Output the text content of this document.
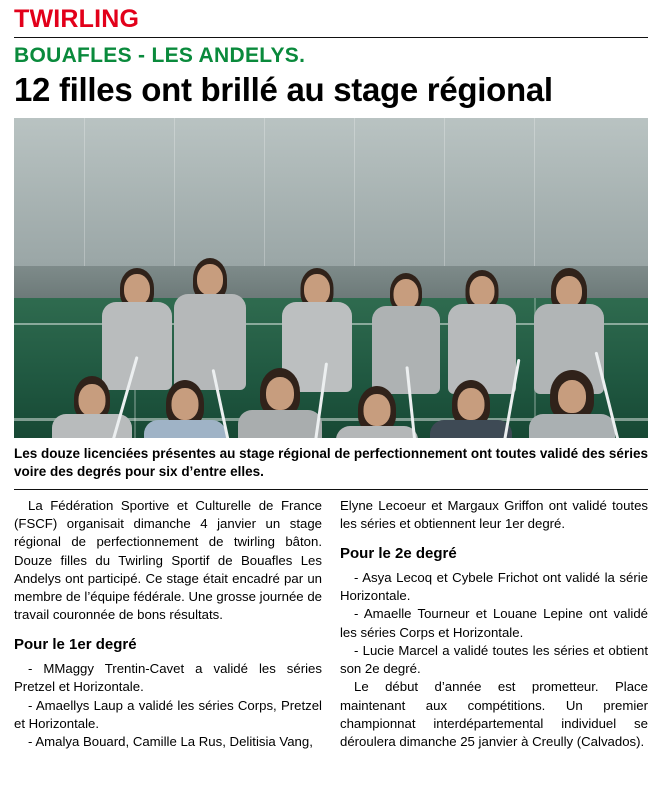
TWIRLING
BOUAFLES - LES ANDELYS.
12 filles ont brillé au stage régional
Les douze licenciées présentes au stage régional de perfectionnement ont toutes validé des séries voire des degrés pour six d’entre elles.

La Fédération Sportive et Culturelle de France (FSCF) organisait dimanche 4 janvier un stage régional de perfectionnement de twirling bâton. Douze filles du Twirling Sportif de Bouafles Les Andelys ont participé. Ce stage était encadré par un membre de l’équipe fédérale. Une grosse journée de travail couronnée de bons résultats.

Pour le 1er degré

- MMaggy Trentin-Cavet a validé les séries Pretzel et Horizontale.

- Amaellys Laup a validé les séries Corps, Pretzel et Horizontale.

- Amalya Bouard, Camille La Rus, Delitisia Vang,

Elyne Lecoeur et Margaux Griffon ont validé toutes les séries et obtiennent leur 1er degré.

Pour le 2e degré

- Asya Lecoq et Cybele Frichot ont validé la série Horizontale.

- Amaelle Tourneur et Louane Lepine ont validé les séries Corps et Horizontale.

- Lucie Marcel a validé toutes les séries et obtient son 2e degré.

Le début d’année est prometteur. Place maintenant aux compétitions. Un premier championnat interdépartemental individuel se déroulera dimanche 25 janvier à Creully (Calvados).
